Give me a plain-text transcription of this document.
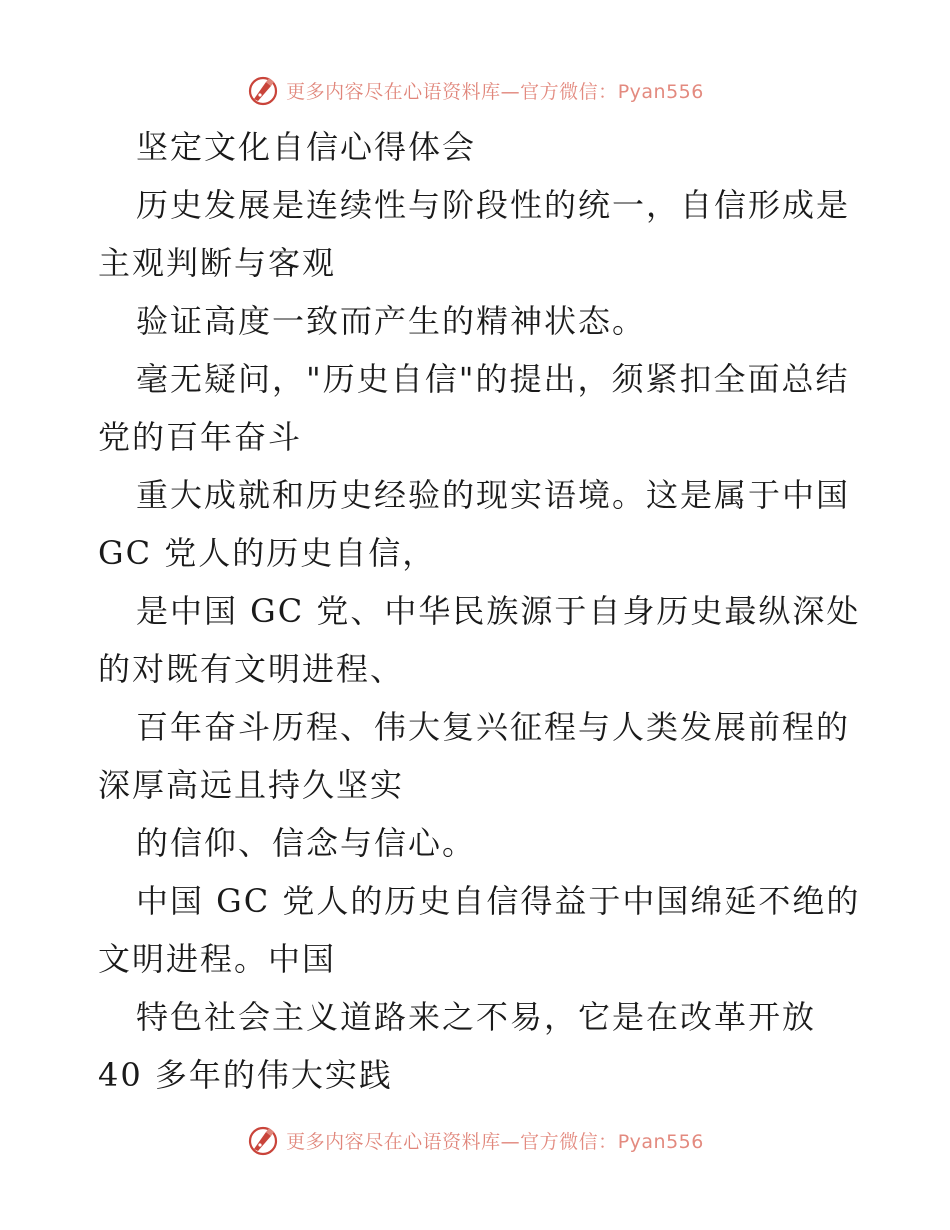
更多内容尽在心语资料库—官方微信：Pyan556
坚定文化自信心得体会
历史发展是连续性与阶段性的统一，自信形成是
主观判断与客观
验证高度一致而产生的精神状态。
毫无疑问，"历史自信"的提出，须紧扣全面总结
党的百年奋斗
重大成就和历史经验的现实语境。这是属于中国
GC 党人的历史自信，
是中国 GC 党、中华民族源于自身历史最纵深处
的对既有文明进程、
百年奋斗历程、伟大复兴征程与人类发展前程的
深厚高远且持久坚实
的信仰、信念与信心。
中国 GC 党人的历史自信得益于中国绵延不绝的
文明进程。中国
特色社会主义道路来之不易，它是在改革开放
40 多年的伟大实践
更多内容尽在心语资料库—官方微信：Pyan556
